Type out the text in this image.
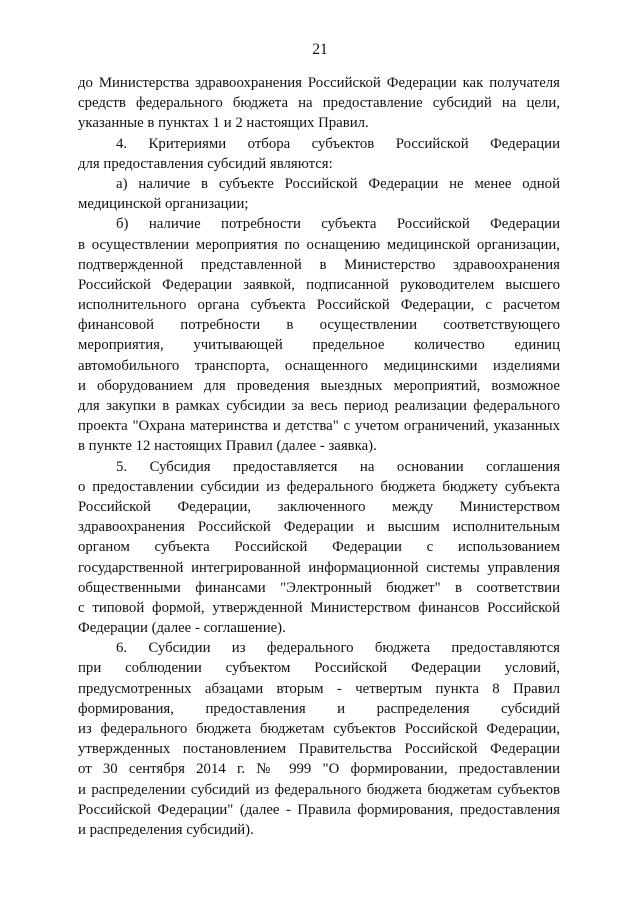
21
до Министерства здравоохранения Российской Федерации как получателя
средств федерального бюджета на предоставление субсидий на цели,
указанные в пунктах 1 и 2 настоящих Правил.
4. Критериями отбора субъектов Российской Федерации
для предоставления субсидий являются:
а) наличие в субъекте Российской Федерации не менее одной
медицинской организации;
б) наличие потребности субъекта Российской Федерации
в осуществлении мероприятия по оснащению медицинской организации,
подтвержденной представленной в Министерство здравоохранения
Российской Федерации заявкой, подписанной руководителем высшего
исполнительного органа субъекта Российской Федерации, с расчетом
финансовой потребности в осуществлении соответствующего
мероприятия, учитывающей предельное количество единиц
автомобильного транспорта, оснащенного медицинскими изделиями
и оборудованием для проведения выездных мероприятий, возможное
для закупки в рамках субсидии за весь период реализации федерального
проекта "Охрана материнства и детства" с учетом ограничений, указанных
в пункте 12 настоящих Правил (далее - заявка).
5. Субсидия предоставляется на основании соглашения
о предоставлении субсидии из федерального бюджета бюджету субъекта
Российской Федерации, заключенного между Министерством
здравоохранения Российской Федерации и высшим исполнительным
органом субъекта Российской Федерации с использованием
государственной интегрированной информационной системы управления
общественными финансами "Электронный бюджет" в соответствии
с типовой формой, утвержденной Министерством финансов Российской
Федерации (далее - соглашение).
6. Субсидии из федерального бюджета предоставляются
при соблюдении субъектом Российской Федерации условий,
предусмотренных абзацами вторым - четвертым пункта 8 Правил
формирования, предоставления и распределения субсидий
из федерального бюджета бюджетам субъектов Российской Федерации,
утвержденных постановлением Правительства Российской Федерации
от 30 сентября 2014 г. № 999 "О формировании, предоставлении
и распределении субсидий из федерального бюджета бюджетам субъектов
Российской Федерации" (далее - Правила формирования, предоставления
и распределения субсидий).
